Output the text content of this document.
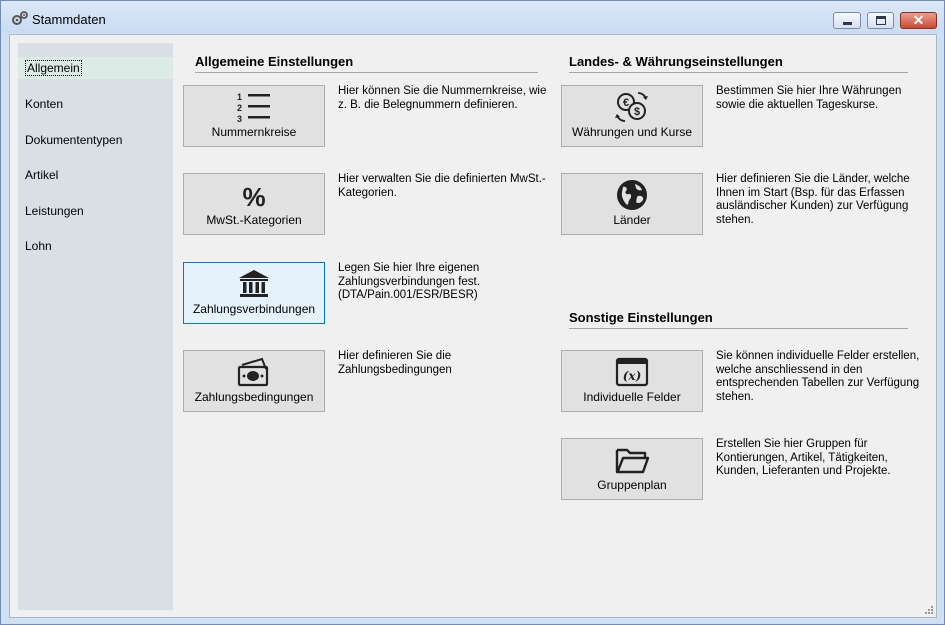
Stammdaten	✕
Allgemein
Konten
Dokumententypen
Artikel
Leistungen
Lohn
Allgemeine Einstellungen	Landes- & Währungseinstellungen
Sonstige Einstellungen
1
2
3
Nummernkreise
Hier können Sie die Nummernkreise, wie z. B. die Belegnummern definieren.
%
MwSt.-Kategorien
Hier verwalten Sie die definierten MwSt.-Kategorien.
Zahlungsverbindungen
Legen Sie hier Ihre eigenen Zahlungsverbindungen fest. (DTA/Pain.001/ESR/BESR)
Zahlungsbedingungen
Hier definieren Sie die Zahlungsbedingungen
€
$
Währungen und Kurse
Bestimmen Sie hier Ihre Währungen sowie die aktuellen Tageskurse.
Länder
Hier definieren Sie die Länder, welche Ihnen im Start (Bsp. für das Erfassen ausländischer Kunden) zur Verfügung stehen.
(x)
Individuelle Felder
Sie können individuelle Felder erstellen, welche anschliessend in den entsprechenden Tabellen zur Verfügung stehen.
Gruppenplan
Erstellen Sie hier Gruppen für Kontierungen, Artikel, Tätigkeiten, Kunden, Lieferanten und Projekte.
